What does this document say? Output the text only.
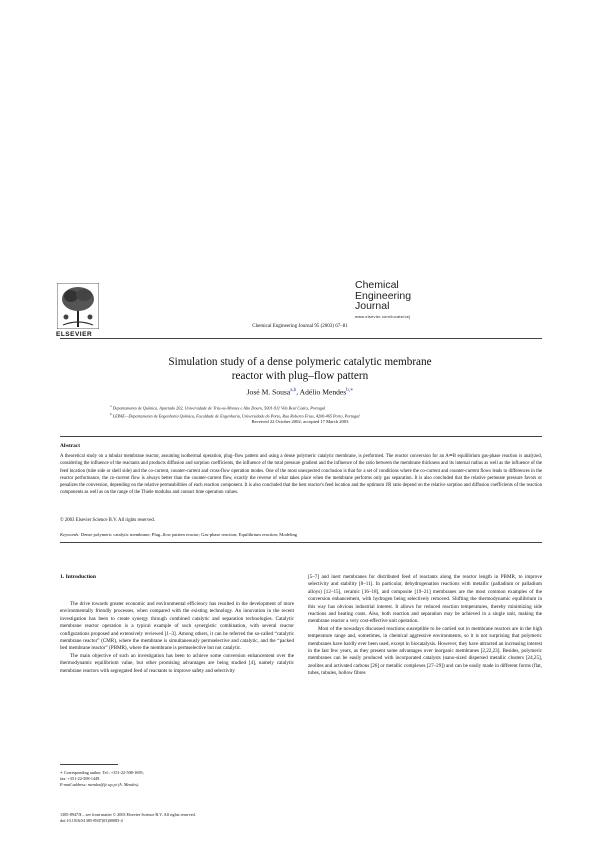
ELSEVIER
Chemical Engineering Journal 95 (2003) 67–81
Chemical
Engineering
Journal
www.elsevier.com/locate/cej
Simulation study of a dense polymeric catalytic membrane
reactor with plug–flow pattern
José M. Sousa$^{a,b}$, Adélio Mendes$^{b,∗}$
$^a$ Departamento de Química, Apartado 202, Universidade de Trás-os-Montes e Alto Douro, 5001-911 Vila Real Codex, Portugal
$^b$ LEPAE—Departamento de Engenharia Química, Faculdade de Engenharia, Universidade do Porto, Rua Roberto Frias, 4200-465 Porto, Portugal
Received 22 October 2002; accepted 17 March 2003
Abstract
A theoretical study on a tubular membrane reactor, assuming isothermal operation, plug–flow pattern and using a dense polymeric catalytic membrane, is performed. The reactor conversion for an A⇌B equilibrium gas-phase reaction is analyzed, considering the influence of the reactants and products diffusion and sorption coefficients, the influence of the total pressure gradient and the influence of the ratio between the membrane thickness and its internal radius as well as the influence of the feed location (tube side or shell side) and the co-current, counter-current and cross-flow operation modes. One of the most unexpected conclusion is that for a set of conditions where the co-current and counter-current flows leads to differences in the reactor performance, the co-current flow is always better than the counter-current flow, exactly the reverse of what takes place when the membrane performs only gas separation. It is also concluded that the relative permeate pressure favors or penalizes the conversion, depending on the relative permeabilities of each reaction component. It is also concluded that the best reactor's feed location and the optimum l/R ratio depend on the relative sorption and diffusion coefficients of the reaction components as well as on the range of the Thiele modulus and contact time operation values.
© 2003 Elsevier Science B.V. All rights reserved.
Keywords: Dense polymeric catalytic membrane; Plug–flow pattern reactor; Gas-phase reaction; Equilibrium reaction; Modeling
1. Introduction

The drive towards greater economic and environmental efficiency has resulted in the development of more environmentally friendly processes, when compared with the existing technology. An innovation in the recent investigation has been to create synergy through combined catalytic and separation technologies. Catalytic membrane reactor operation is a typical example of such synergistic combination, with several reactor configurations proposed and extensively reviewed [1–3]. Among others, it can be referred the so-called “catalytic membrane reactor” (CMR), where the membrane is simultaneously permselective and catalytic, and the “packed bed membrane reactor” (PBMR), where the membrane is permselective but not catalytic.

The main objective of such an investigation has been to achieve some conversion enhancement over the thermodynamic equilibrium value, but other promising advantages are being studied [4], namely catalytic membrane reactors with segregated feed of reactants to improve safety and selectivity

[5–7] and inert membranes for distributed feed of reactants along the reactor length in PBMR, to improve selectivity and stability [8–11]. In particular, dehydrogenation reactions with metallic (palladium or palladium alloys) [12–15], ceramic [16–18], and composite [19–21] membranes are the most common examples of the conversion enhancement, with hydrogen being selectively removed. Shifting the thermodynamic equilibrium in this way has obvious industrial interest. It allows for reduced reaction temperatures, thereby minimizing side reactions and heating costs. Also, both reaction and separation may be achieved in a single unit, making the membrane reactor a very cost-effective unit operation.

Most of the nowadays discussed reactions susceptible to be carried out in membrane reactors are in the high temperature range and, sometimes, in chemical aggressive environments, so it is not surprising that polymeric membranes have hardly ever been used, except in biocatalysis. However, they have attracted an increasing interest in the last few years, as they present some advantages over inorganic membranes [2,22,23]. Besides, polymeric membranes can be easily produced with incorporated catalysts (nano-sized dispersed metallic clusters [24,25], zeolites and activated carbons [26] or metallic complexes [27–29]) and can be easily made in different forms (flat, tubes, tubules, hollow fibres

∗ Corresponding author. Tel.: +351-22-508-1695;
fax: +351-22-508-1449.
E-mail address: mendes@fe.up.pt (A. Mendes).
1385-8947/$ – see front matter © 2003 Elsevier Science B.V. All rights reserved.
doi:10.1016/S1385-8947(03)00083-4
